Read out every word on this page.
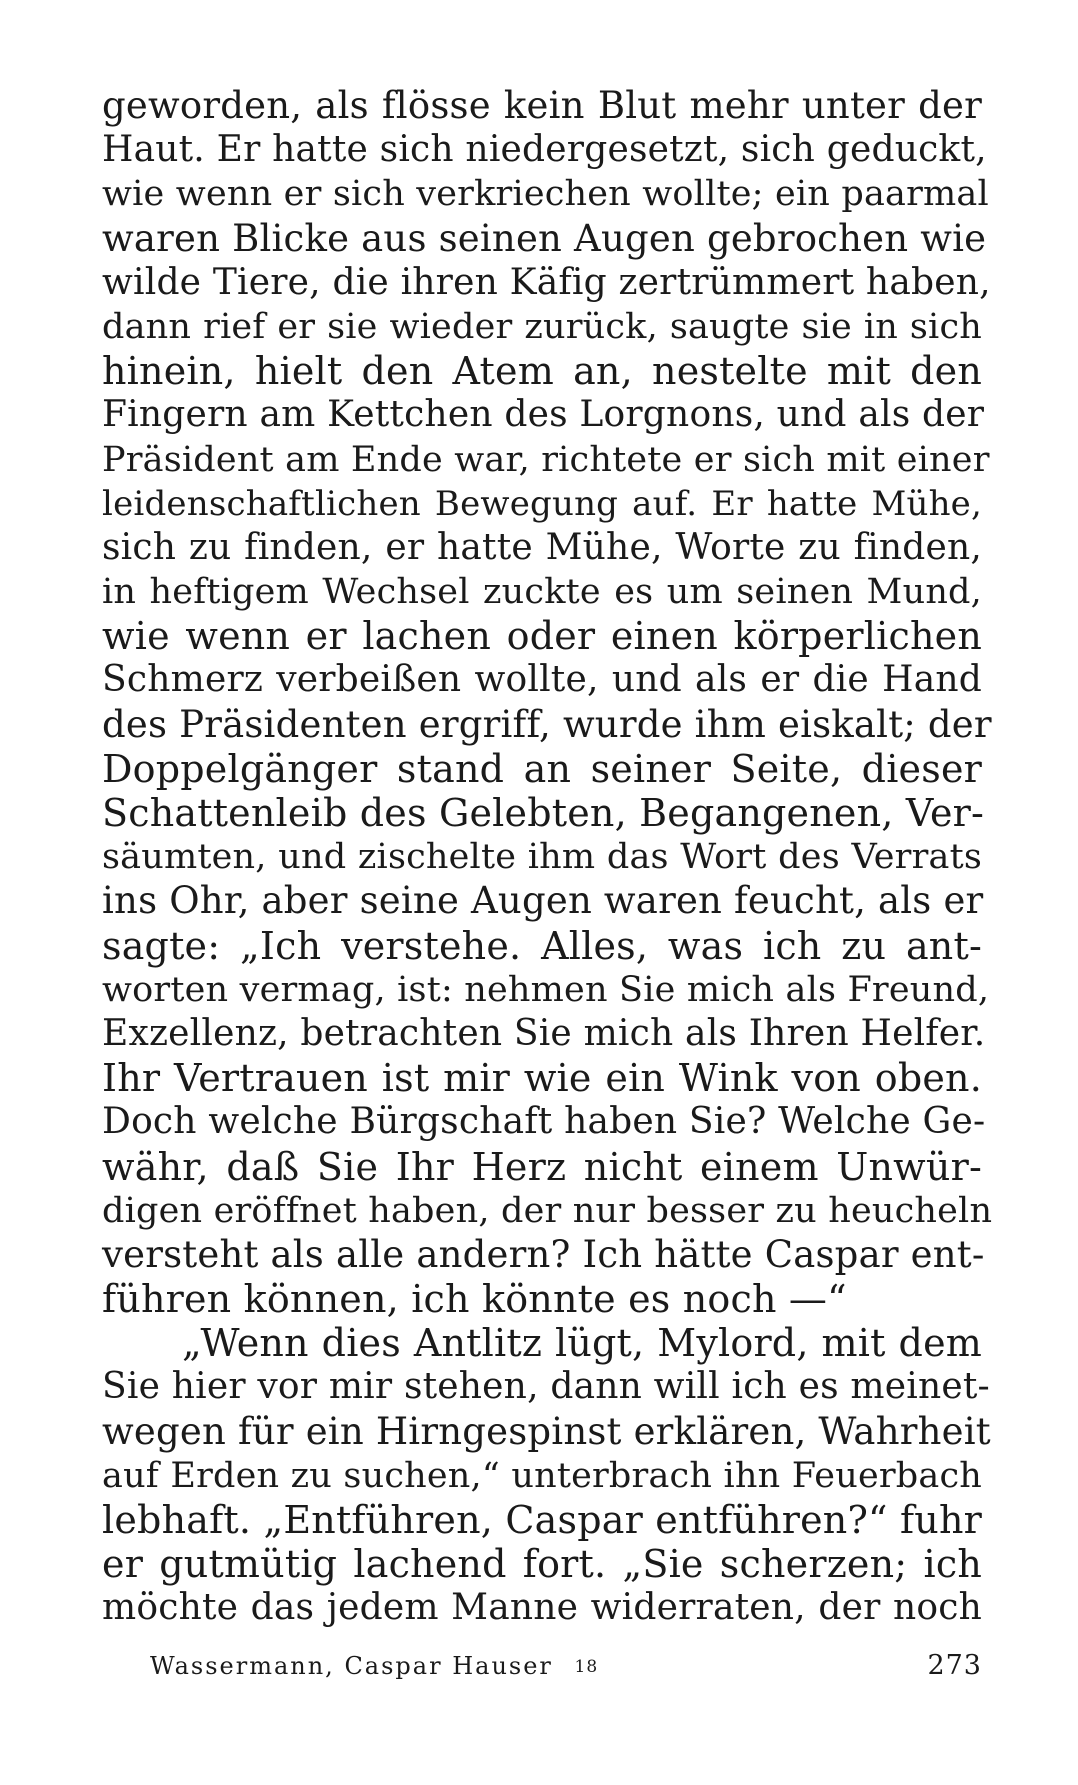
geworden, als flösse kein Blut mehr unter der
Haut. Er hatte sich niedergesetzt, sich geduckt,
wie wenn er sich verkriechen wollte; ein paarmal
waren Blicke aus seinen Augen gebrochen wie
wilde Tiere, die ihren Käfig zertrümmert haben,
dann rief er sie wieder zurück, saugte sie in sich
hinein, hielt den Atem an, nestelte mit den
Fingern am Kettchen des Lorgnons, und als der
Präsident am Ende war, richtete er sich mit einer
leidenschaftlichen Bewegung auf. Er hatte Mühe,
sich zu finden, er hatte Mühe, Worte zu finden,
in heftigem Wechsel zuckte es um seinen Mund,
wie wenn er lachen oder einen körperlichen
Schmerz verbeißen wollte, und als er die Hand
des Präsidenten ergriff, wurde ihm eiskalt; der
Doppelgänger stand an seiner Seite, dieser
Schattenleib des Gelebten, Begangenen, Ver-
säumten, und zischelte ihm das Wort des Verrats
ins Ohr, aber seine Augen waren feucht, als er
sagte: „Ich verstehe. Alles, was ich zu ant-
worten vermag, ist: nehmen Sie mich als Freund,
Exzellenz, betrachten Sie mich als Ihren Helfer.
Ihr Vertrauen ist mir wie ein Wink von oben.
Doch welche Bürgschaft haben Sie? Welche Ge-
währ, daß Sie Ihr Herz nicht einem Unwür-
digen eröffnet haben, der nur besser zu heucheln
versteht als alle andern? Ich hätte Caspar ent-
führen können, ich könnte es noch —“
„Wenn dies Antlitz lügt, Mylord, mit dem
Sie hier vor mir stehen, dann will ich es meinet-
wegen für ein Hirngespinst erklären, Wahrheit
auf Erden zu suchen,“ unterbrach ihn Feuerbach
lebhaft. „Entführen, Caspar entführen?“ fuhr
er gutmütig lachend fort. „Sie scherzen; ich
möchte das jedem Manne widerraten, der noch
Wassermann, Caspar Hauser 18	273
